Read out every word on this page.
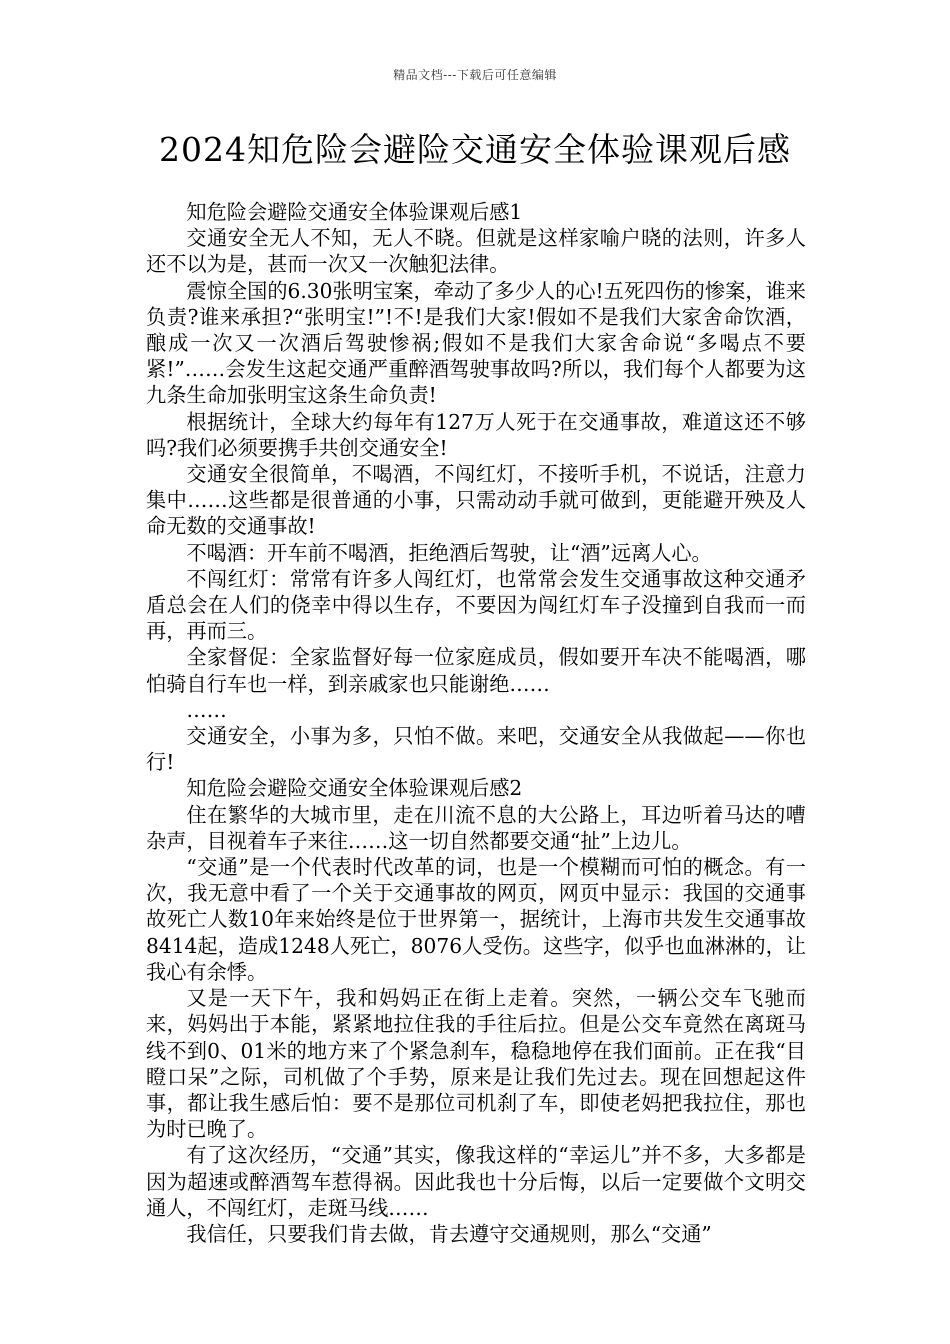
精品文档---下载后可任意编辑
2024知危险会避险交通安全体验课观后感

知危险会避险交通安全体验课观后感1

交通安全无人不知，无人不晓。但就是这样家喻户晓的法则，许多人还不以为是，甚而一次又一次触犯法律。

震惊全国的6.30张明宝案，牵动了多少人的心!五死四伤的惨案，谁来负责?谁来承担?“张明宝!”!不!是我们大家!假如不是我们大家舍命饮酒，酿成一次又一次酒后驾驶惨祸;假如不是我们大家舍命说“多喝点不要紧!”……会发生这起交通严重醉酒驾驶事故吗?所以，我们每个人都要为这九条生命加张明宝这条生命负责!

根据统计，全球大约每年有127万人死于在交通事故，难道这还不够吗?我们必须要携手共创交通安全!

交通安全很简单，不喝酒，不闯红灯，不接听手机，不说话，注意力集中……这些都是很普通的小事，只需动动手就可做到，更能避开殃及人命无数的交通事故!

不喝酒：开车前不喝酒，拒绝酒后驾驶，让“酒”远离人心。

不闯红灯：常常有许多人闯红灯，也常常会发生交通事故这种交通矛盾总会在人们的侥幸中得以生存，不要因为闯红灯车子没撞到自我而一而再，再而三。

全家督促：全家监督好每一位家庭成员，假如要开车决不能喝酒，哪怕骑自行车也一样，到亲戚家也只能谢绝……

……

交通安全，小事为多，只怕不做。来吧，交通安全从我做起——你也行!

知危险会避险交通安全体验课观后感2

住在繁华的大城市里，走在川流不息的大公路上，耳边听着马达的嘈杂声，目视着车子来往……这一切自然都要交通“扯”上边儿。

“交通”是一个代表时代改革的词，也是一个模糊而可怕的概念。有一次，我无意中看了一个关于交通事故的网页，网页中显示：我国的交通事故死亡人数10年来始终是位于世界第一，据统计，上海市共发生交通事故8414起，造成1248人死亡，8076人受伤。这些字，似乎也血淋淋的，让我心有余悸。

又是一天下午，我和妈妈正在街上走着。突然，一辆公交车飞驰而来，妈妈出于本能，紧紧地拉住我的手往后拉。但是公交车竟然在离斑马线不到0、01米的地方来了个紧急刹车，稳稳地停在我们面前。正在我“目瞪口呆”之际，司机做了个手势，原来是让我们先过去。现在回想起这件事，都让我生感后怕：要不是那位司机刹了车，即使老妈把我拉住，那也为时已晚了。

有了这次经历，“交通”其实，像我这样的“幸运儿”并不多，大多都是因为超速或醉酒驾车惹得祸。因此我也十分后悔，以后一定要做个文明交通人，不闯红灯，走斑马线……

我信任，只要我们肯去做，肯去遵守交通规则，那么“交通”
